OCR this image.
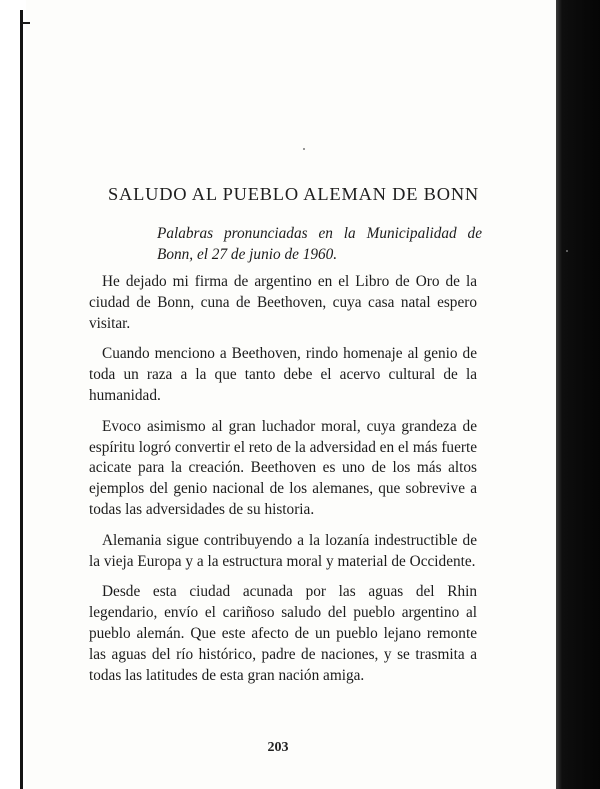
SALUDO AL PUEBLO ALEMAN DE BONN
Palabras pronunciadas en la Municipalidad de Bonn, el 27 de junio de 1960.

He dejado mi firma de argentino en el Libro de Oro de la ciudad de Bonn, cuna de Beethoven, cuya casa natal espero visitar.

Cuando menciono a Beethoven, rindo homenaje al genio de toda un raza a la que tanto debe el acervo cultural de la humanidad.

Evoco asimismo al gran luchador moral, cuya grandeza de espíritu logró convertir el reto de la adversidad en el más fuerte acicate para la creación. Beethoven es uno de los más altos ejemplos del genio nacional de los alemanes, que sobrevive a todas las adversidades de su historia.

Alemania sigue contribuyendo a la lozanía indestructible de la vieja Europa y a la estructura moral y material de Occidente.

Desde esta ciudad acunada por las aguas del Rhin legendario, envío el cariñoso saludo del pueblo argentino al pueblo alemán. Que este afecto de un pueblo lejano remonte las aguas del río histórico, padre de naciones, y se trasmita a todas las latitudes de esta gran nación amiga.

203
